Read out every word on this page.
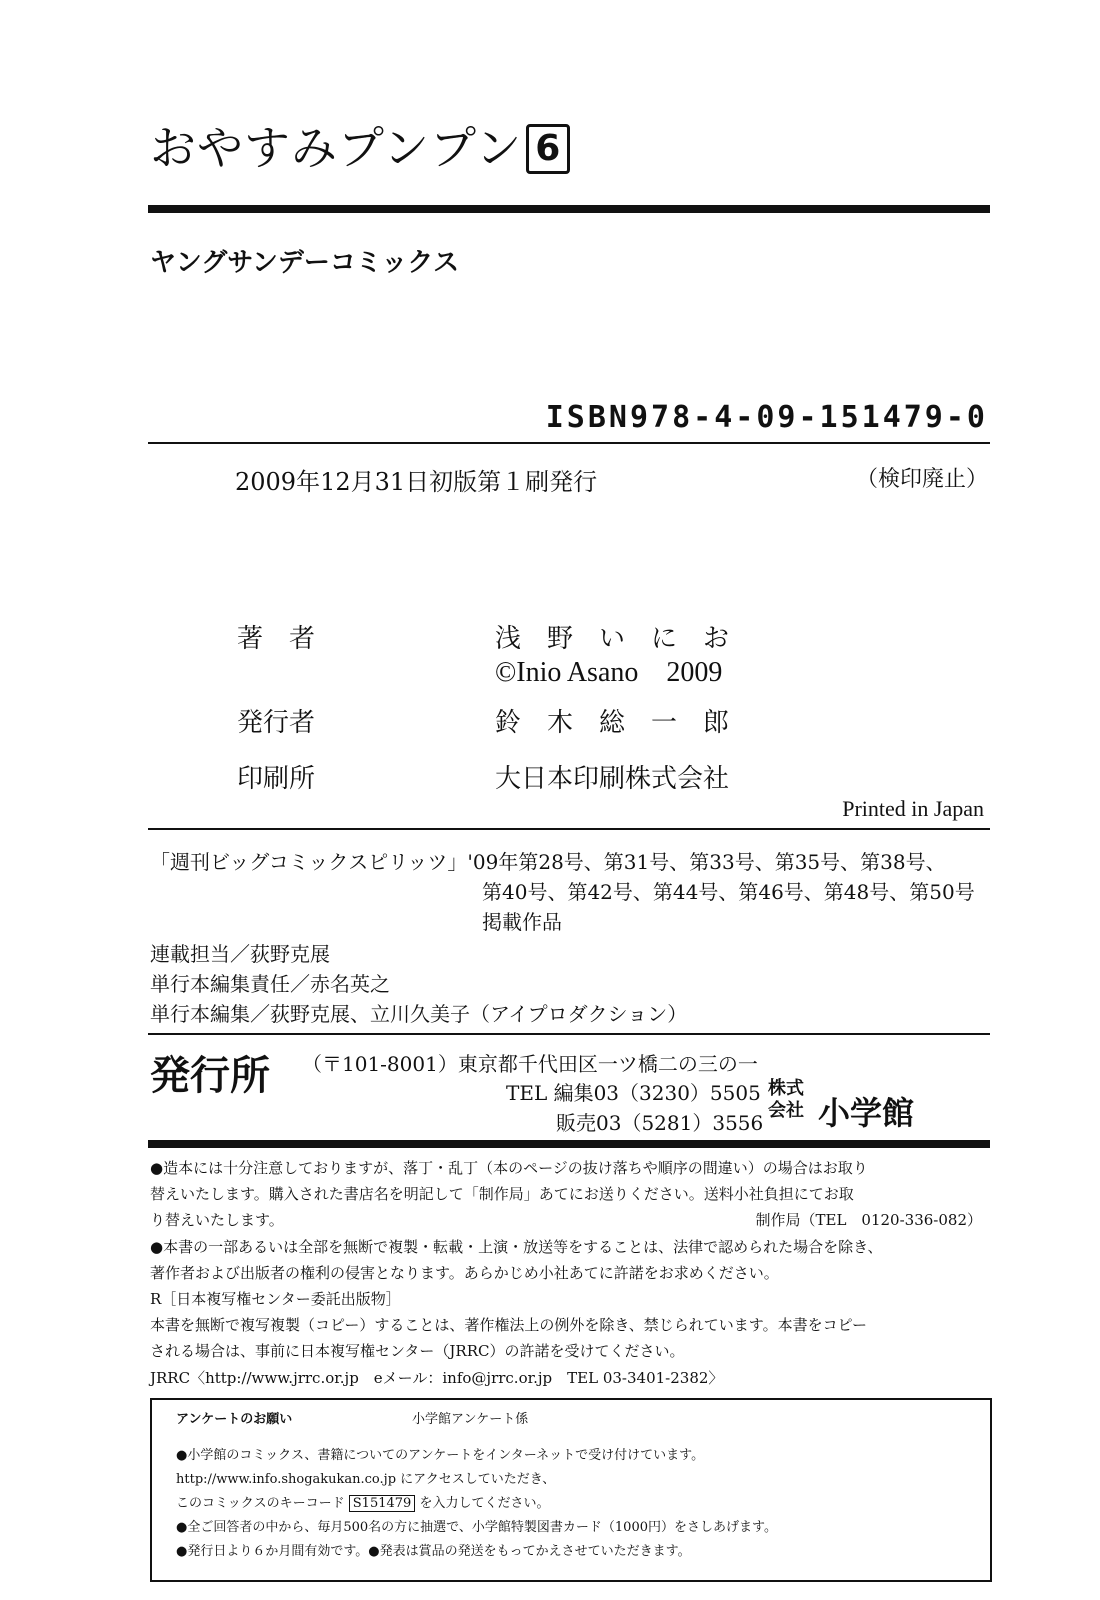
おやすみプンプン 6
ヤングサンデーコミックス
ISBN978-4-09-151479-0
2009年12月31日初版第１刷発行	（検印廃止）
著　者	浅　野　い　に　お
©Inio Asano　2009
発行者	鈴　木　総　一　郎
印刷所	大日本印刷株式会社
Printed in Japan
「週刊ビッグコミックスピリッツ」'09年第28号、第31号、第33号、第35号、第38号、
第40号、第42号、第44号、第46号、第48号、第50号
掲載作品
連載担当／荻野克展
単行本編集責任／赤名英之
単行本編集／荻野克展、立川久美子（アイプロダクション）
発行所 （〒101-8001）東京都千代田区一ツ橋二の三の一
TEL 編集03（3230）5505
販売03（5281）3556
株式 会社 小学館
●造本には十分注意しておりますが、落丁・乱丁（本のページの抜け落ちや順序の間違い）の場合はお取り
替えいたします。購入された書店名を明記して「制作局」あてにお送りください。送料小社負担にてお取
り替えいたします。	制作局（TEL　0120-336-082）
●本書の一部あるいは全部を無断で複製・転載・上演・放送等をすることは、法律で認められた場合を除き、
著作者および出版者の権利の侵害となります。あらかじめ小社あてに許諾をお求めください。
R［日本複写権センター委託出版物］
本書を無断で複写複製（コピー）することは、著作権法上の例外を除き、禁じられています。本書をコピー
される場合は、事前に日本複写権センター（JRRC）の許諾を受けてください。
JRRC〈http://www.jrrc.or.jp　eメール：info@jrrc.or.jp　TEL 03-3401-2382〉
アンケートのお願い	小学館アンケート係
●小学館のコミックス、書籍についてのアンケートをインターネットで受け付けています。
http://www.info.shogakukan.co.jp にアクセスしていただき、
このコミックスのキーコード S151479 を入力してください。
●全ご回答者の中から、毎月500名の方に抽選で、小学館特製図書カード（1000円）をさしあげます。
●発行日より６か月間有効です。●発表は賞品の発送をもってかえさせていただきます。
